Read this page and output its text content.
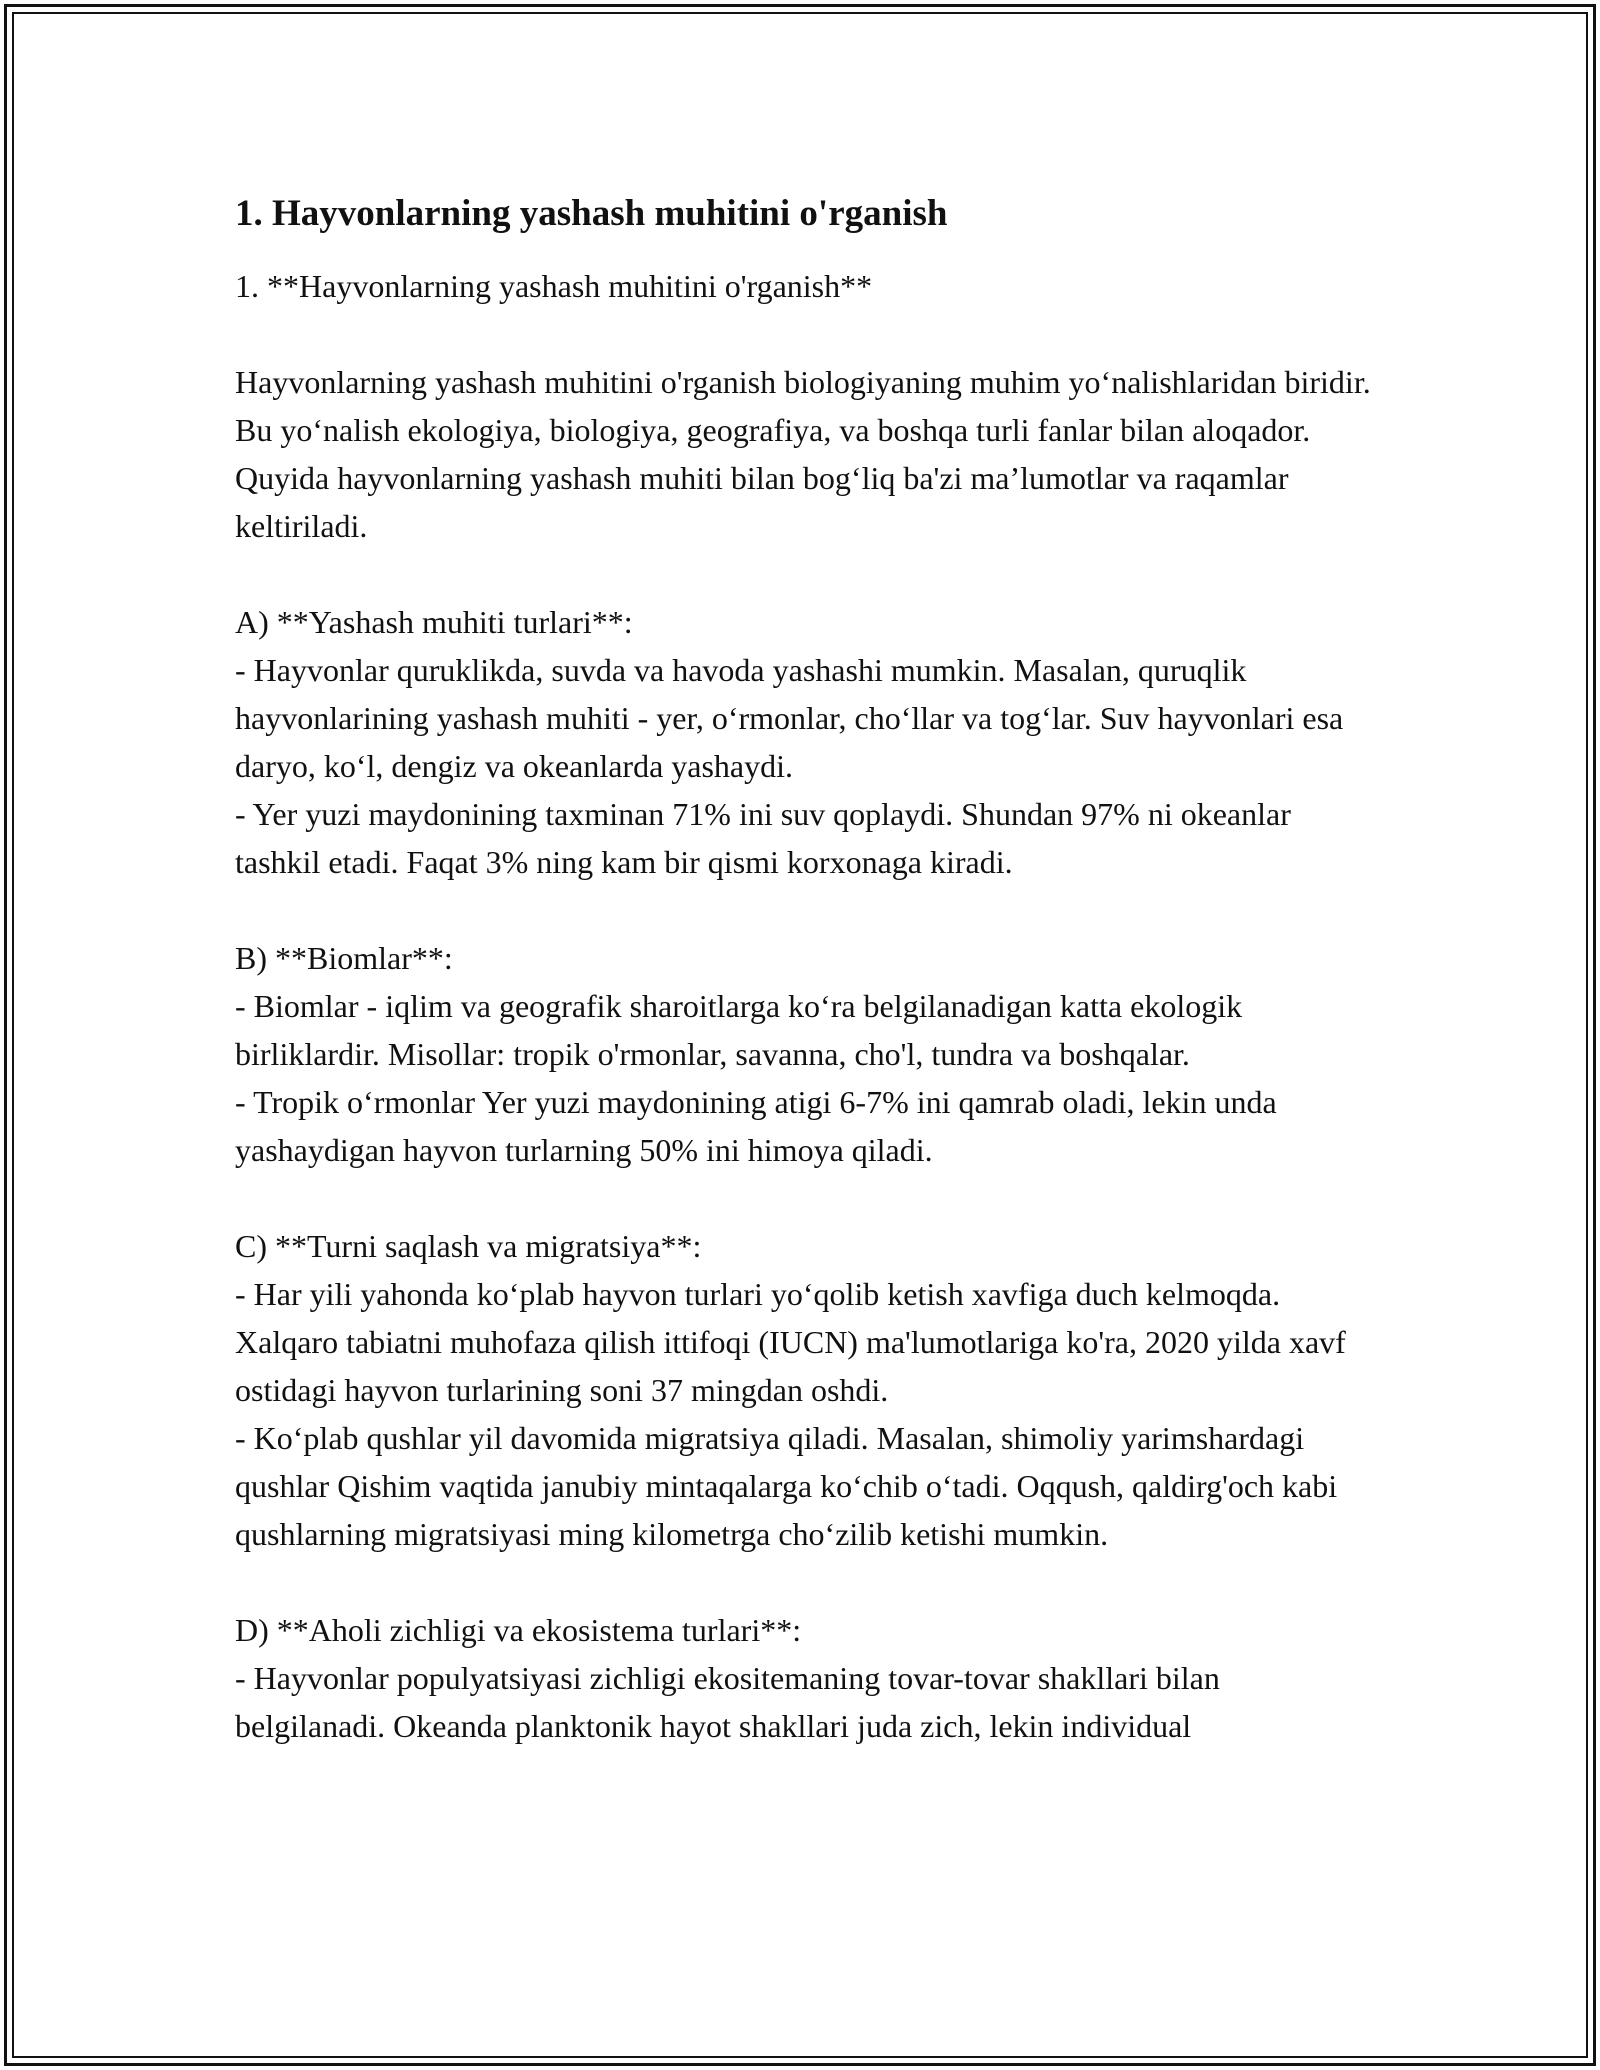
1. Hayvonlarning yashash muhitini o'rganish

1. **Hayvonlarning yashash muhitini o'rganish**

Hayvonlarning yashash muhitini o'rganish biologiyaning muhim yo‘nalishlaridan biridir. Bu yo‘nalish ekologiya, biologiya, geografiya, va boshqa turli fanlar bilan aloqador. Quyida hayvonlarning yashash muhiti bilan bog‘liq ba'zi ma’lumotlar va raqamlar keltiriladi.

A) **Yashash muhiti turlari**:

- Hayvonlar quruklikda, suvda va havoda yashashi mumkin. Masalan, quruqlik hayvonlarining yashash muhiti - yer, o‘rmonlar, cho‘llar va tog‘lar. Suv hayvonlari esa daryo, ko‘l, dengiz va okeanlarda yashaydi.

- Yer yuzi maydonining taxminan 71% ini suv qoplaydi. Shundan 97% ni okeanlar tashkil etadi. Faqat 3% ning kam bir qismi korxonaga kiradi.

B) **Biomlar**:

- Biomlar - iqlim va geografik sharoitlarga ko‘ra belgilanadigan katta ekologik birliklardir. Misollar: tropik o'rmonlar, savanna, cho'l, tundra va boshqalar.

- Tropik o‘rmonlar Yer yuzi maydonining atigi 6-7% ini qamrab oladi, lekin unda yashaydigan hayvon turlarning 50% ini himoya qiladi.

C) **Turni saqlash va migratsiya**:

- Har yili yahonda ko‘plab hayvon turlari yo‘qolib ketish xavfiga duch kelmoqda. Xalqaro tabiatni muhofaza qilish ittifoqi (IUCN) ma'lumotlariga ko'ra, 2020 yilda xavf ostidagi hayvon turlarining soni 37 mingdan oshdi.

- Ko‘plab qushlar yil davomida migratsiya qiladi. Masalan, shimoliy yarimshardagi qushlar Qishim vaqtida janubiy mintaqalarga ko‘chib o‘tadi. Oqqush, qaldirg'och kabi qushlarning migratsiyasi ming kilometrga cho‘zilib ketishi mumkin.

D) **Aholi zichligi va ekosistema turlari**:

- Hayvonlar populyatsiyasi zichligi ekositemaning tovar-tovar shakllari bilan belgilanadi. Okeanda planktonik hayot shakllari juda zich, lekin individual
